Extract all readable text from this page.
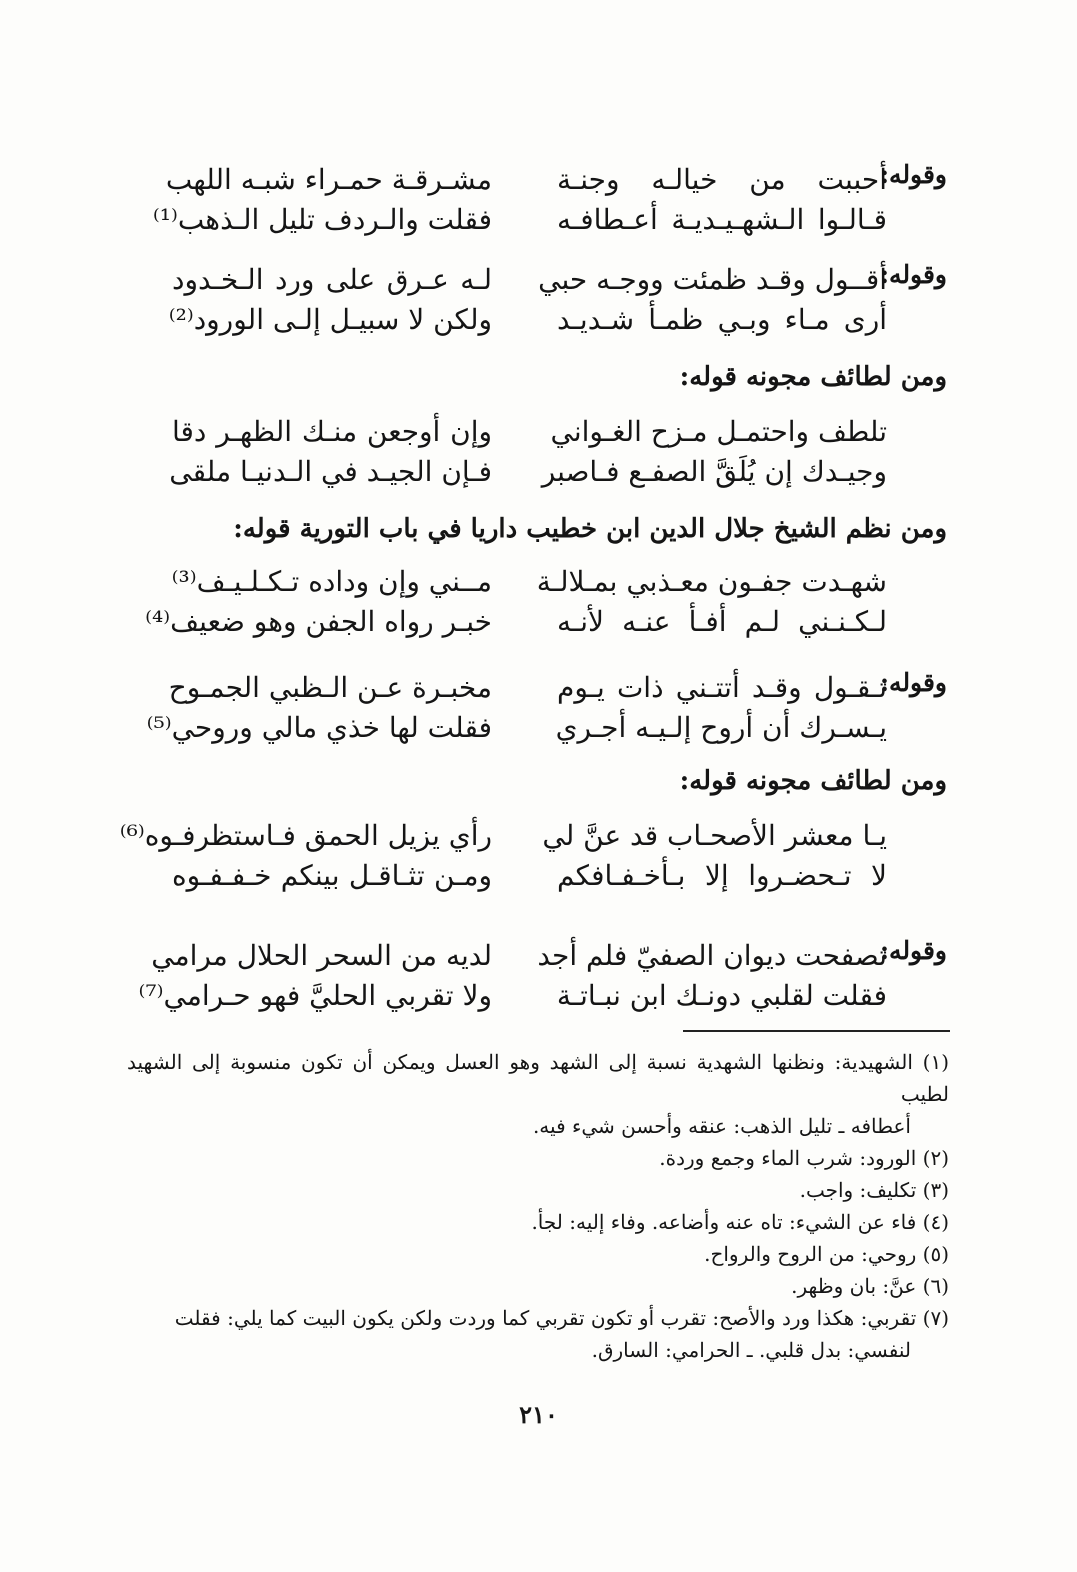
وقوله:
أحببت من خيالـه وجنـة
مشـرقـة حمـراء شبـه اللهب
قـالـوا الـشهـيـديـة أعـطافـه
فقلت والـردف تليل الـذهب⁽¹⁾
وقوله:
أقــول وقـد ظمئت ووجـه حبي
لـه عـرق على ورد الـخـدود
أرى مـاء وبـي ظمـأ شـديـد
ولكن لا سبيـل إلـى الورود⁽²⁾
ومن لطائف مجونه قوله:
تلطف واحتمـل مـزح الغـواني
وإن أوجعن منـك الظهـر دقا
وجيـدك إن يُلَقَّ الصفـع فـاصبر
فـإن الجيـد في الـدنيـا ملقى
ومن نظم الشيخ جلال الدين ابن خطيب داريا في باب التورية قوله:
شهـدت جفـون معـذبي بمـلالـة
مــني وإن وداده تـكـلـيـف⁽³⁾
لـكـنـني لـم أفـأ عنـه لأنـه
خبـر رواه الجفن وهو ضعيف⁽⁴⁾
وقوله:
تـقـول وقـد أتتـني ذات يـوم
مخبـرة عـن الـظبي الجمـوح
يـسـرك أن أروح إلـيـه أجـري
فقلت لها خذي مالي وروحي⁽⁵⁾
ومن لطائف مجونه قوله:
يـا معشر الأصحـاب قد عنَّ لي
رأي يزيل الحمق فـاستظرفـوه⁽⁶⁾
لا تـحضـروا إلا بـأخـفـافكم
ومـن تثـاقـل بينكم خـفـفـوه
وقوله:
تصفحت ديوان الصفيّ فلم أجد
لديه من السحر الحلال مرامي
فقلت لقلبي دونـك ابن نبـاتـة
ولا تقربي الحليَّ فهو حـرامي⁽⁷⁾
(١) الشهيدية: ونظنها الشهدية نسبة إلى الشهد وهو العسل ويمكن أن تكون منسوبة إلى الشهيد لطيب
أعطافه ـ تليل الذهب: عنقه وأحسن شيء فيه.
(٢) الورود: شرب الماء وجمع وردة.
(٣) تكليف: واجب.
(٤) فاء عن الشيء: تاه عنه وأضاعه. وفاء إليه: لجأ.
(٥) روحي: من الروح والرواح.
(٦) عنَّ: بان وظهر.
(٧) تقربي: هكذا ورد والأصح: تقرب أو تكون تقربي كما وردت ولكن يكون البيت كما يلي: فقلت
لنفسي: بدل قلبي. ـ الحرامي: السارق.
٢١٠
